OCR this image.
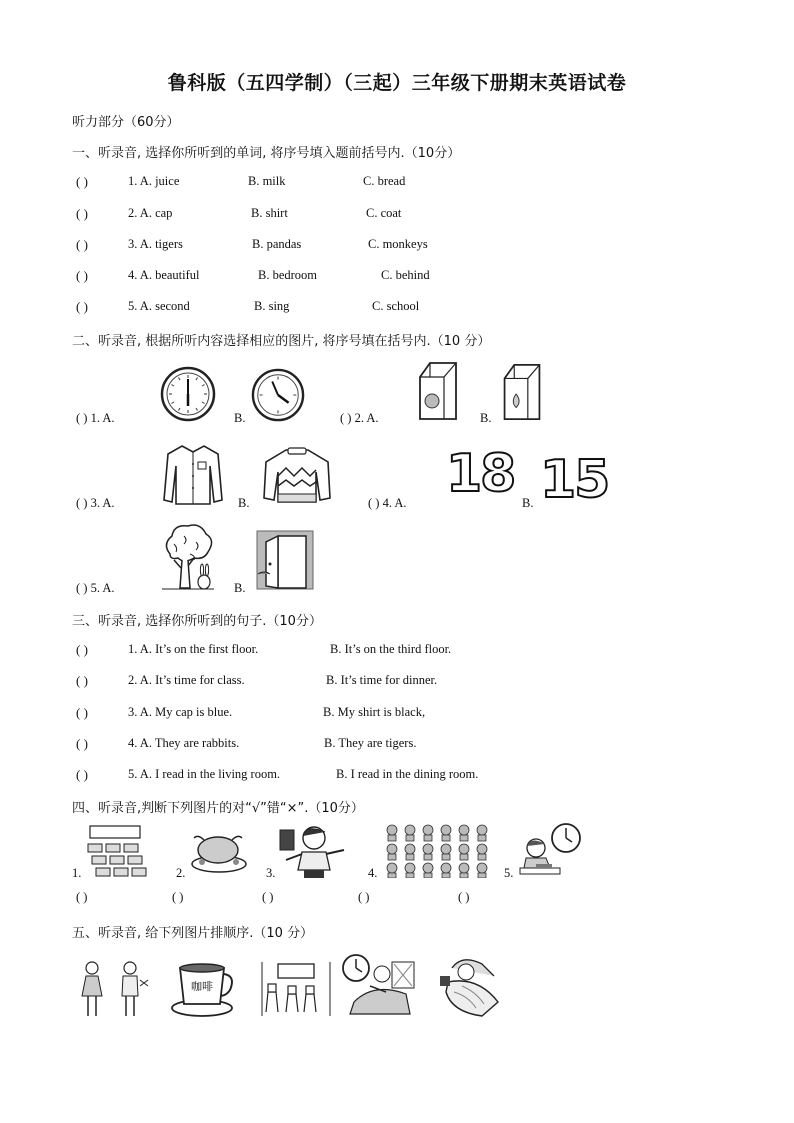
鲁科版（五四学制）（三起）三年级下册期末英语试卷
听力部分（60分）
一、听录音, 选择你所听到的单词, 将序号填入题前括号内.（10分）
( )	1. A. juice	B. milk	C. bread
( )	2. A. cap	B. shirt	C. coat
( )	3. A. tigers	B. pandas	C. monkeys
( )	4. A. beautiful	B. bedroom	C. behind
( )	5. A. second	B. sing	C. school
二、听录音, 根据所听内容选择相应的图片, 将序号填在括号内.（10 分）
( ) 1. A.	B.	( ) 2. A.	B.
( ) 3. A.	B.	( ) 4. A. 18 B. 15
( ) 5. A.	B.
三、听录音, 选择你所听到的句子.（10分）
( )	1. A. It’s on the first floor.	B. It’s on the third floor.
( )	2. A. It’s time for class.	B. It’s time for dinner.
( )	3. A. My cap is blue.	B. My shirt is black,
( )	4. A. They are rabbits.	B. They are tigers.
( )	5. A. I read in the living room.	B. I read in the dining room.
四、听录音,判断下列图片的对“√”错“×”.（10分）
1.	2.	3.	4.	5.
( )	( )	( )	( )	( )
五、听录音, 给下列图片排顺序.（10 分）
咖啡
